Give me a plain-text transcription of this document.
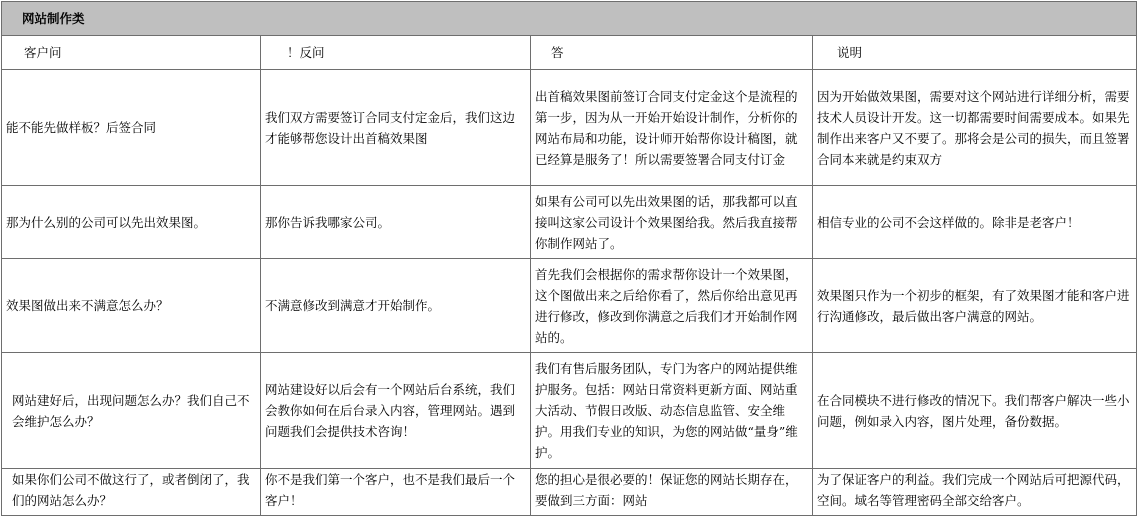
网站制作类			
客户问	！反问	答	说明
能不能先做样板？后签合同	我们双方需要签订合同支付定金后，我们这边才能够帮您设计出首稿效果图	出首稿效果图前签订合同支付定金这个是流程的第一步，因为从一开始开始设计制作，分析你的网站布局和功能，设计师开始帮你设计稿图，就已经算是服务了！所以需要签署合同支付订金	因为开始做效果图，需要对这个网站进行详细分析，需要技术人员设计开发。这一切都需要时间需要成本。如果先制作出来客户又不要了。那将会是公司的损失，而且签署合同本来就是约束双方
那为什么别的公司可以先出效果图。	那你告诉我哪家公司。	如果有公司可以先出效果图的话，那我都可以直接叫这家公司设计个效果图给我。然后我直接帮你制作网站了。	相信专业的公司不会这样做的。除非是老客户！
效果图做出来不满意怎么办？	不满意修改到满意才开始制作。	首先我们会根据你的需求帮你设计一个效果图，这个图做出来之后给你看了，然后你给出意见再进行修改，修改到你满意之后我们才开始制作网站的。	效果图只作为一个初步的框架，有了效果图才能和客户进行沟通修改，最后做出客户满意的网站。
网站建好后，出现问题怎么办？我们自己不会维护怎么办？	网站建设好以后会有一个网站后台系统，我们会教你如何在后台录入内容，管理网站。遇到问题我们会提供技术咨询！	我们有售后服务团队，专门为客户的网站提供维护服务。包括：网站日常资料更新方面、网站重大活动、节假日改版、动态信息监管、安全维护。用我们专业的知识，为您的网站做“量身”维护。	在合同模块不进行修改的情况下。我们帮客户解决一些小问题，例如录入内容，图片处理，备份数据。
如果你们公司不做这行了，或者倒闭了，我们的网站怎么办？	你不是我们第一个客户，也不是我们最后一个客户！	您的担心是很必要的！保证您的网站长期存在，要做到三方面：网站	为了保证客户的利益。我们完成一个网站后可把源代码，空间。域名等管理密码全部交给客户。
